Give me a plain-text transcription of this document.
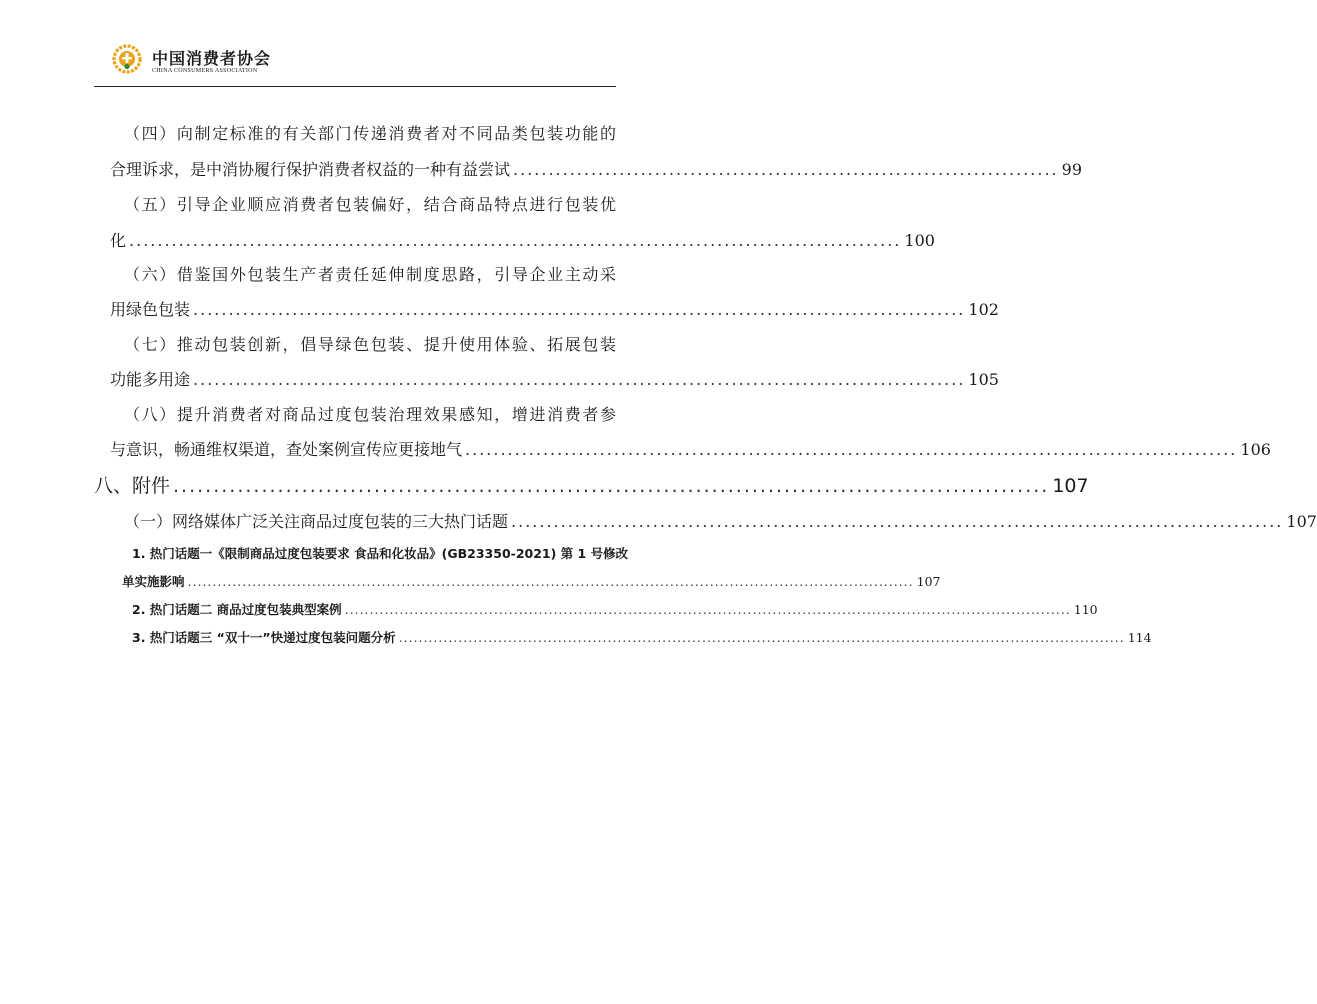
中国消费者协会
CHINA CONSUMERS ASSOCIATION
（四）向制定标准的有关部门传递消费者对不同品类包装功能的
合理诉求，是中消协履行保护消费者权益的一种有益尝试 ............................................................................. 99
（五）引导企业顺应消费者包装偏好，结合商品特点进行包装优
化 ............................................................................................................. 100
（六）借鉴国外包装生产者责任延伸制度思路，引导企业主动采
用绿色包装 ............................................................................................................. 102
（七）推动包装创新，倡导绿色包装、提升使用体验、拓展包装
功能多用途 ............................................................................................................. 105
（八）提升消费者对商品过度包装治理效果感知，增进消费者参
与意识，畅通维权渠道，查处案例宣传应更接地气 ............................................................................................................. 106
八、附件 ............................................................................................................. 107
（一）网络媒体广泛关注商品过度包装的三大热门话题 ............................................................................................................. 107
1. 热门话题一《限制商品过度包装要求 食品和化妆品》(GB23350-2021) 第 1 号修改
单实施影响 .................................................................................................................................................. 107
2. 热门话题二 商品过度包装典型案例 .................................................................................................................................................. 110
3. 热门话题三 “双十一”快递过度包装问题分析 .................................................................................................................................................. 114
